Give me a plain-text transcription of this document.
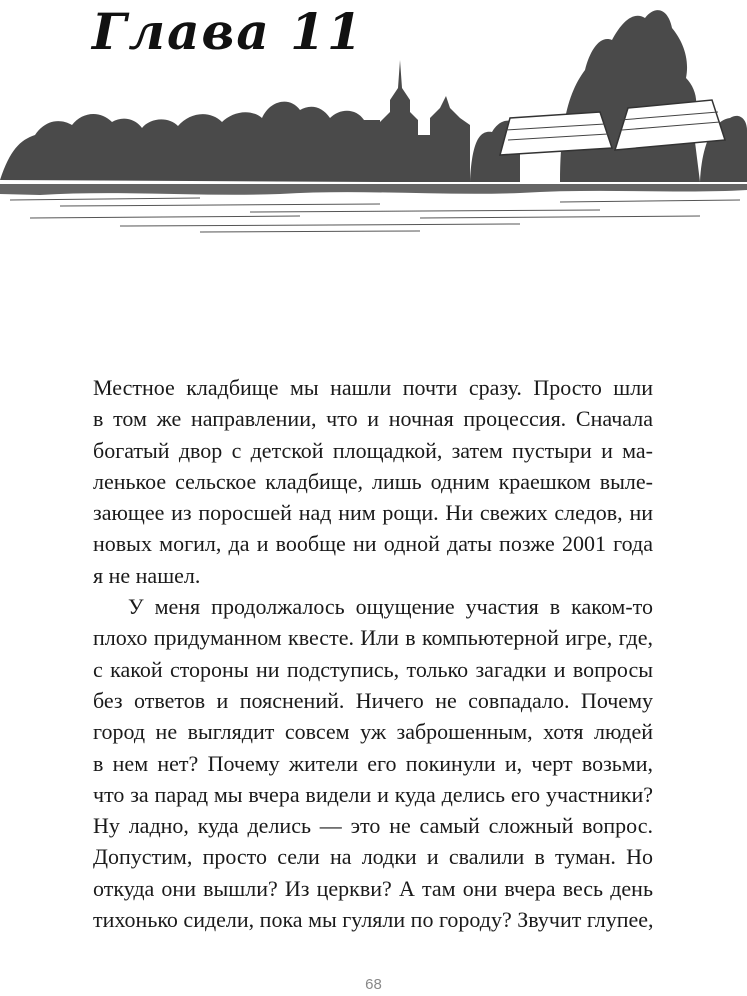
Глава 11

Местное кладбище мы нашли почти сразу. Просто шли
в том же направлении, что и ночная процессия. Сначала
богатый двор с детской площадкой, затем пустыри и ма-
ленькое сельское кладбище, лишь одним краешком выле-
зающее из поросшей над ним рощи. Ни свежих следов, ни
новых могил, да и вообще ни одной даты позже 2001 года
я не нашел.

У меня продолжалось ощущение участия в каком-то
плохо придуманном квесте. Или в компьютерной игре, где,
с какой стороны ни подступись, только загадки и вопросы
без ответов и пояснений. Ничего не совпадало. Почему
город не выглядит совсем уж заброшенным, хотя людей
в нем нет? Почему жители его покинули и, черт возьми,
что за парад мы вчера видели и куда делись его участники?
Ну ладно, куда делись — это не самый сложный вопрос.
Допустим, просто сели на лодки и свалили в туман. Но
откуда они вышли? Из церкви? А там они вчера весь день
тихонько сидели, пока мы гуляли по городу? Звучит глупее,

68
